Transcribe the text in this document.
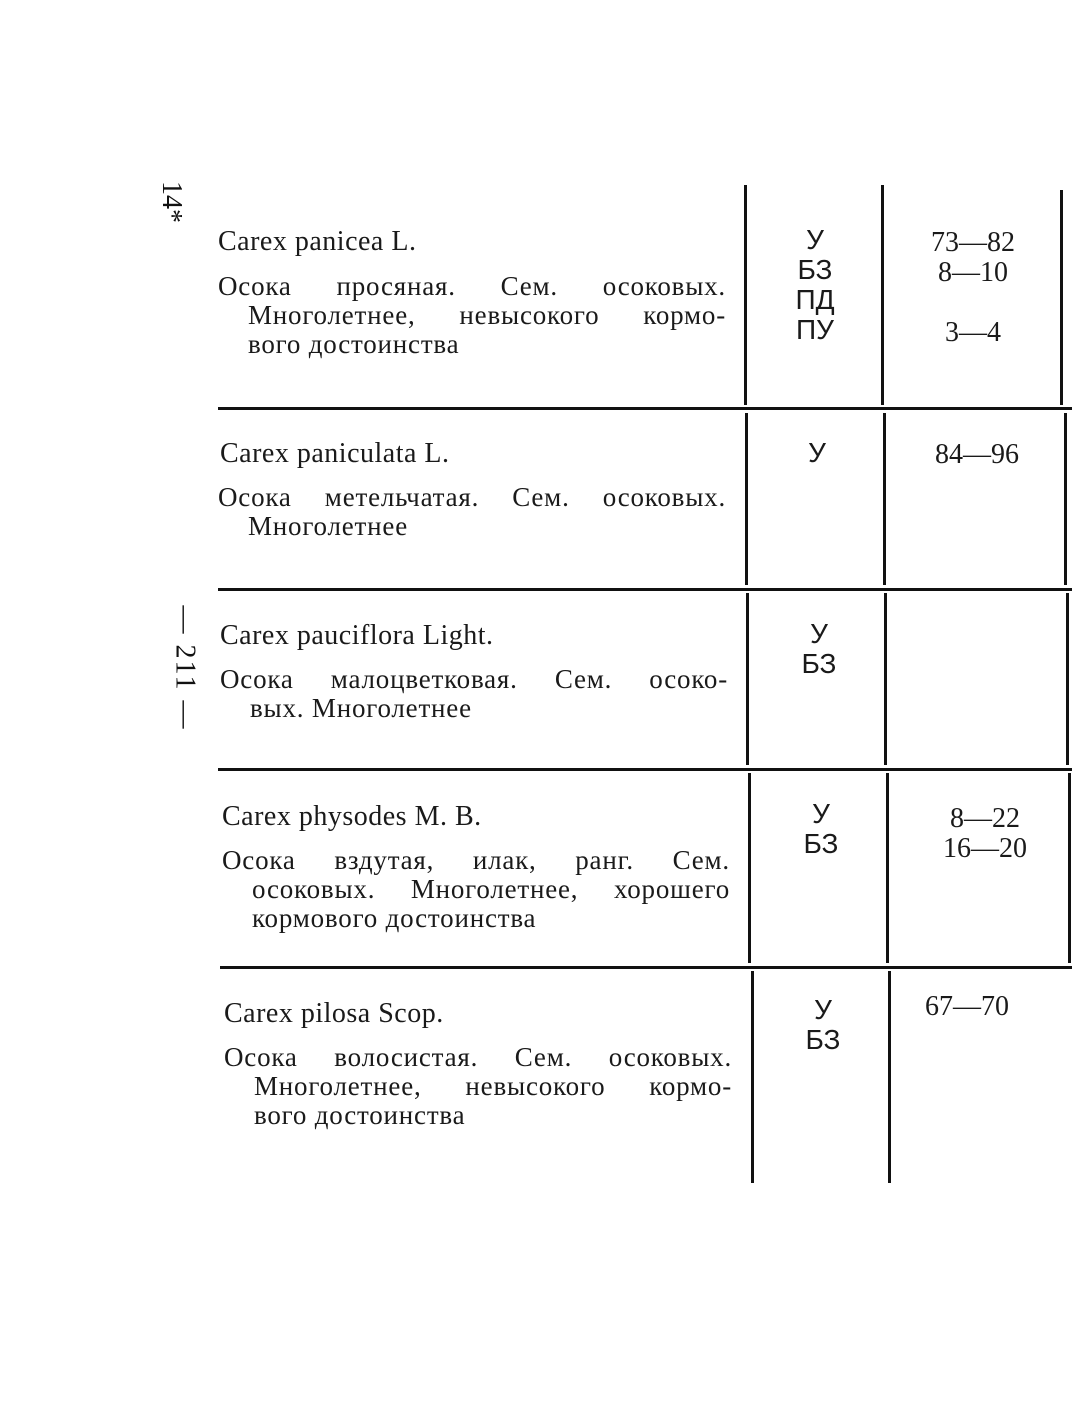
14*
— 211 —
Carex panicea L.
Осока просяная. Сем. осоковых.
Многолетнее, невысокого кормо-
вого достоинства
У
БЗ
ПД
ПУ
73—82
8—10

3—4
Carex paniculata L.
Осока метельчатая. Сем. осоковых.
Многолетнее
У	84—96
Carex pauciflora Light.
Осока малоцветковая. Сем. осоко-
вых. Многолетнее
У
БЗ
Carex physodes M. B.
Осока вздутая, илак, ранг. Сем.
осоковых. Многолетнее, хорошего
кормового достоинства
У
БЗ
8—22
16—20
Carex pilosa Scop.
Осока волосистая. Сем. осоковых.
Многолетнее, невысокого кормо-
вого достоинства
У
БЗ
67—70
